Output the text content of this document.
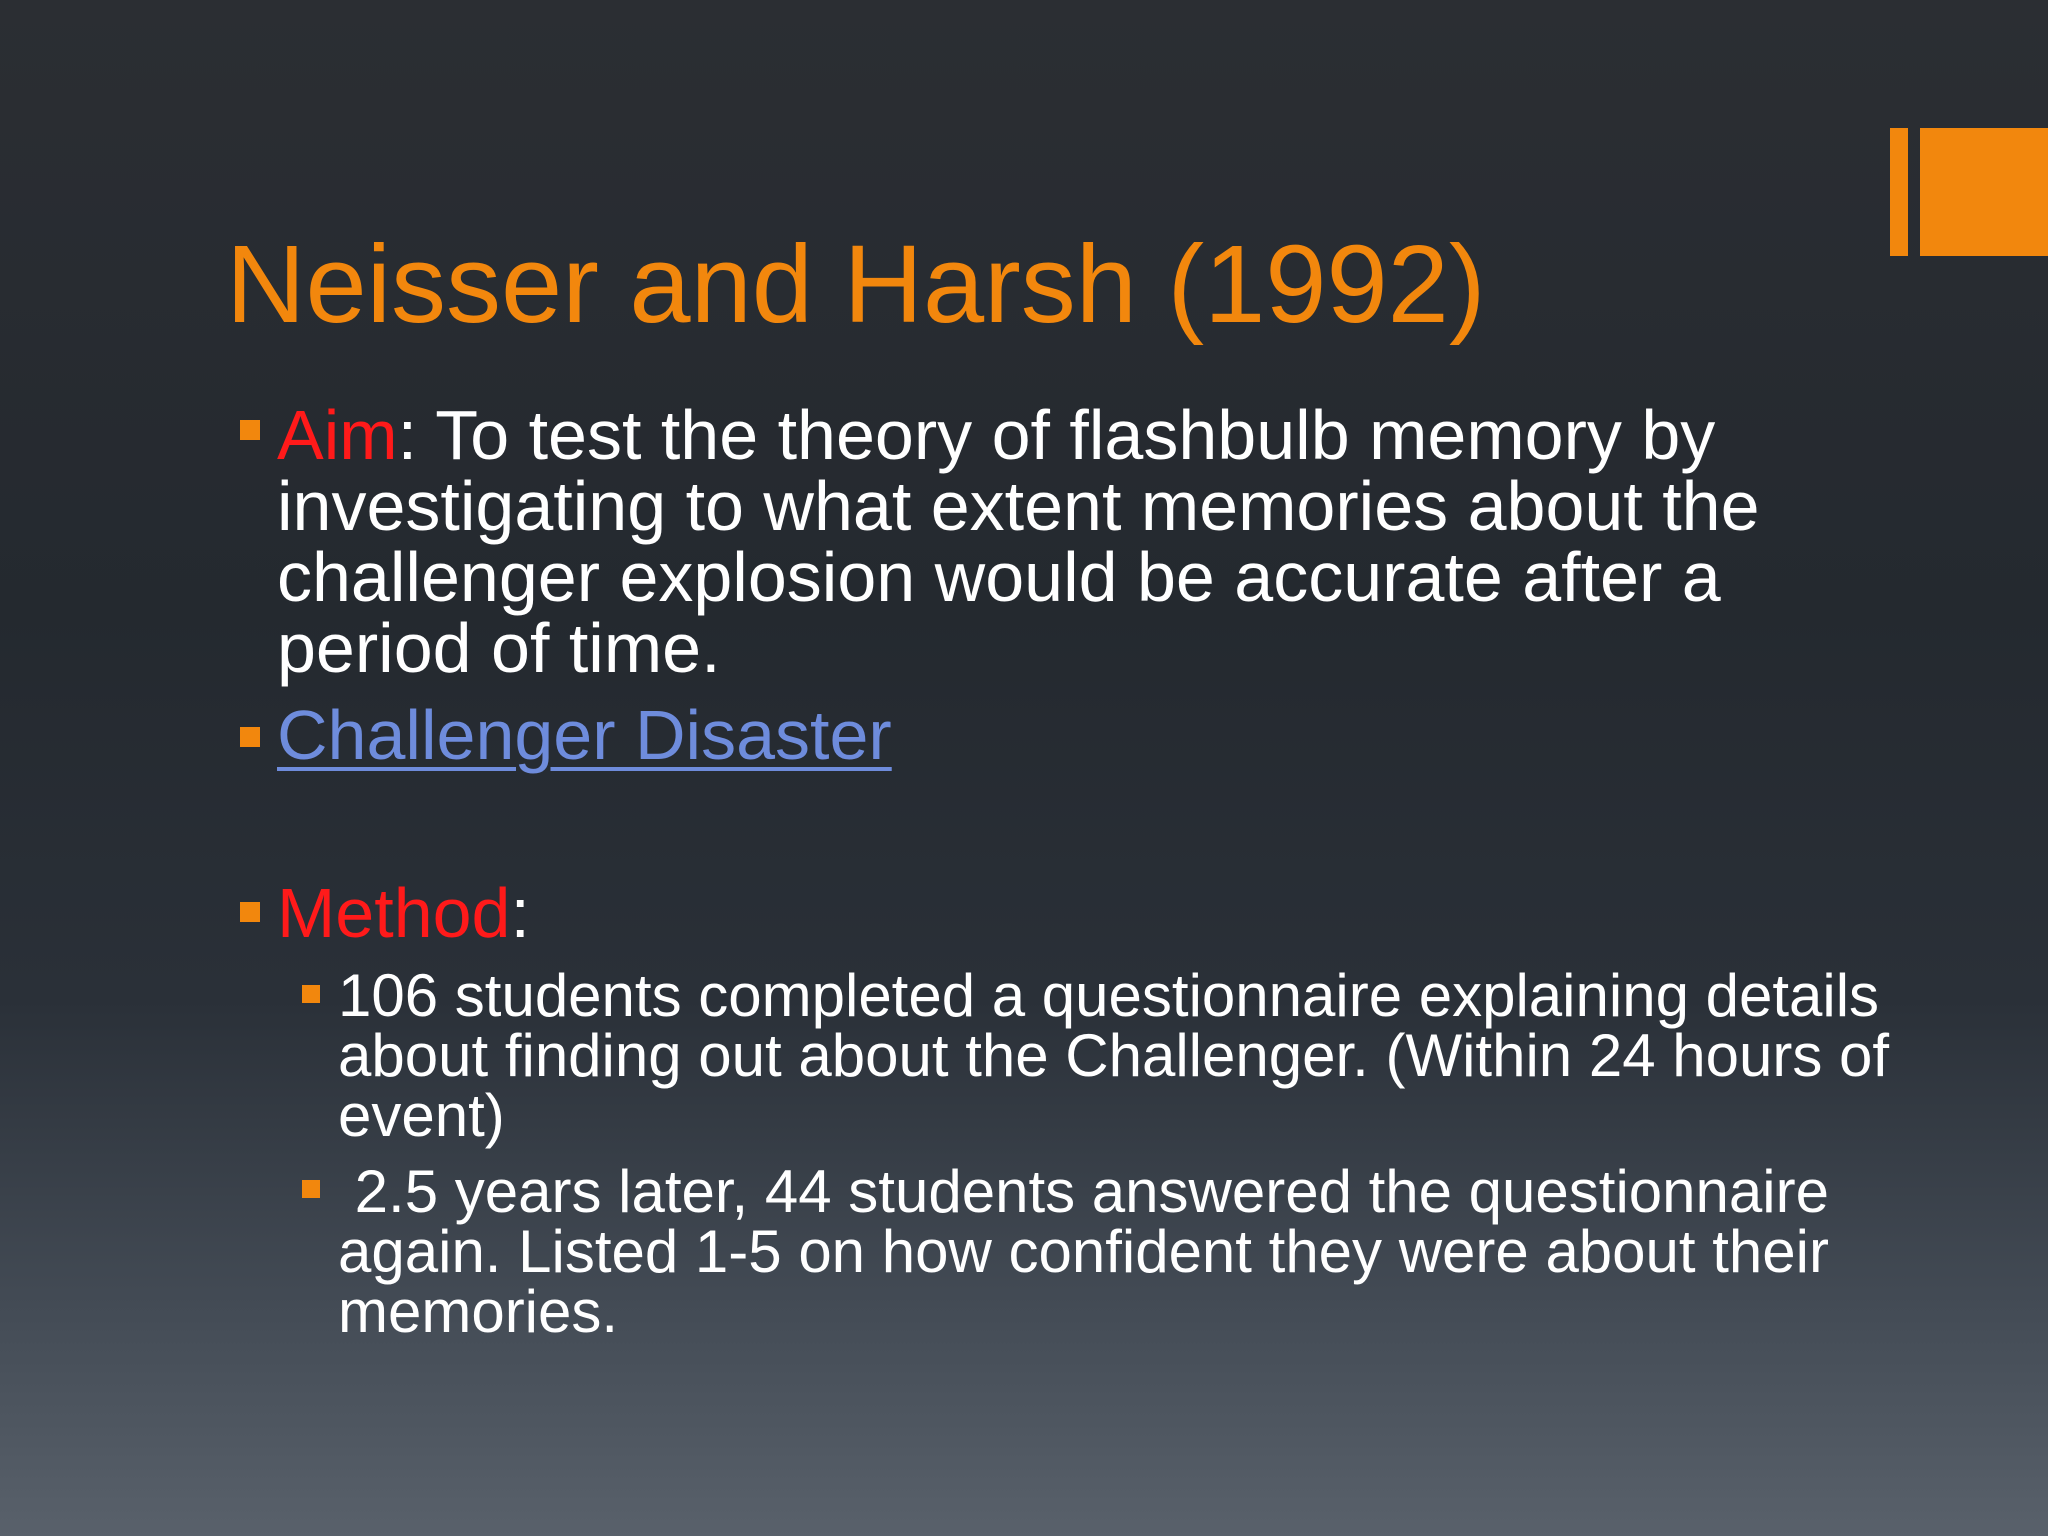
Neisser and Harsh (1992)

Aim: To test the theory of flashbulb memory by investigating to what extent memories about the challenger explosion would be accurate after a period of time.

Challenger Disaster

Method:

106 students completed a questionnaire explaining details about finding out about the Challenger. (Within 24 hours of event)

2.5 years later, 44 students answered the questionnaire again. Listed 1-5 on how confident they were about their memories.
